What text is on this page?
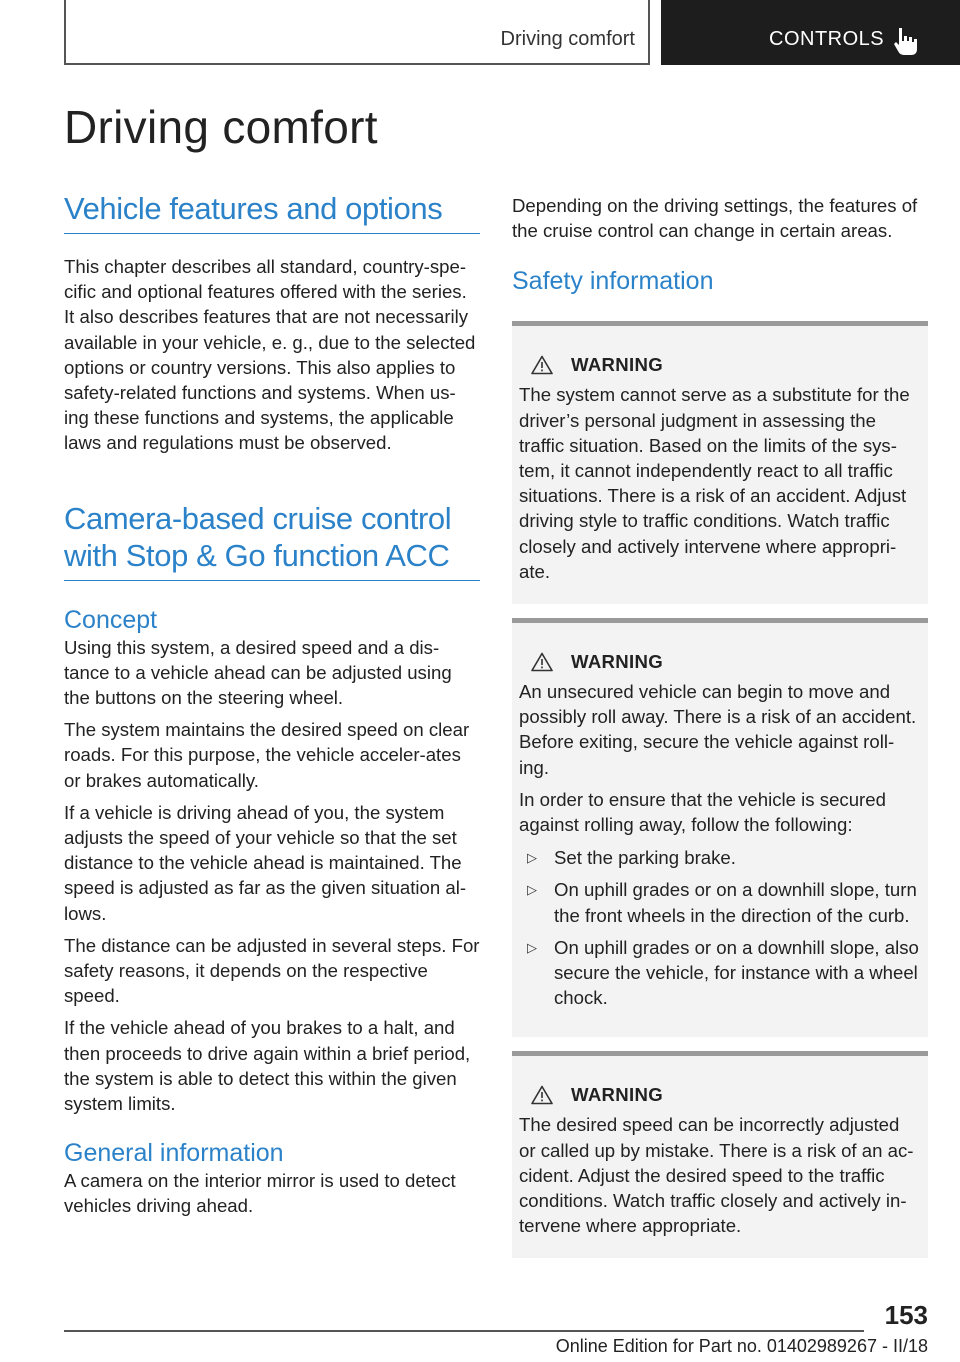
Driving comfort	CONTROLS
Driving comfort
Vehicle features and options

This chapter describes all standard, country-spe-cific and optional features offered with the series. It also describes features that are not necessarily available in your vehicle, e. g., due to the selected options or country versions. This also applies to safety-related functions and systems. When us-ing these functions and systems, the applicable laws and regulations must be observed.

Camera-based cruise control with Stop & Go function ACC
Concept

Using this system, a desired speed and a dis-tance to a vehicle ahead can be adjusted using the buttons on the steering wheel.

The system maintains the desired speed on clear roads. For this purpose, the vehicle acceler-ates or brakes automatically.

If a vehicle is driving ahead of you, the system adjusts the speed of your vehicle so that the set distance to the vehicle ahead is maintained. The speed is adjusted as far as the given situation al-lows.

The distance can be adjusted in several steps. For safety reasons, it depends on the respective speed.

If the vehicle ahead of you brakes to a halt, and then proceeds to drive again within a brief period, the system is able to detect this within the given system limits.

General information

A camera on the interior mirror is used to detect vehicles driving ahead.

Depending on the driving settings, the features of the cruise control can change in certain areas.

Safety information
WARNING

The system cannot serve as a substitute for the driver’s personal judgment in assessing the traffic situation. Based on the limits of the sys-tem, it cannot independently react to all traffic situations. There is a risk of an accident. Adjust driving style to traffic conditions. Watch traffic closely and actively intervene where appropri-ate.

WARNING

An unsecured vehicle can begin to move and possibly roll away. There is a risk of an accident. Before exiting, secure the vehicle against roll-ing.

In order to ensure that the vehicle is secured against rolling away, follow the following:

▷ Set the parking brake.
▷ On uphill grades or on a downhill slope, turn the front wheels in the direction of the curb.
▷ On uphill grades or on a downhill slope, also secure the vehicle, for instance with a wheel chock.
WARNING

The desired speed can be incorrectly adjusted or called up by mistake. There is a risk of an ac-cident. Adjust the desired speed to the traffic conditions. Watch traffic closely and actively in-tervene where appropriate.

153
Online Edition for Part no. 01402989267 - II/18
